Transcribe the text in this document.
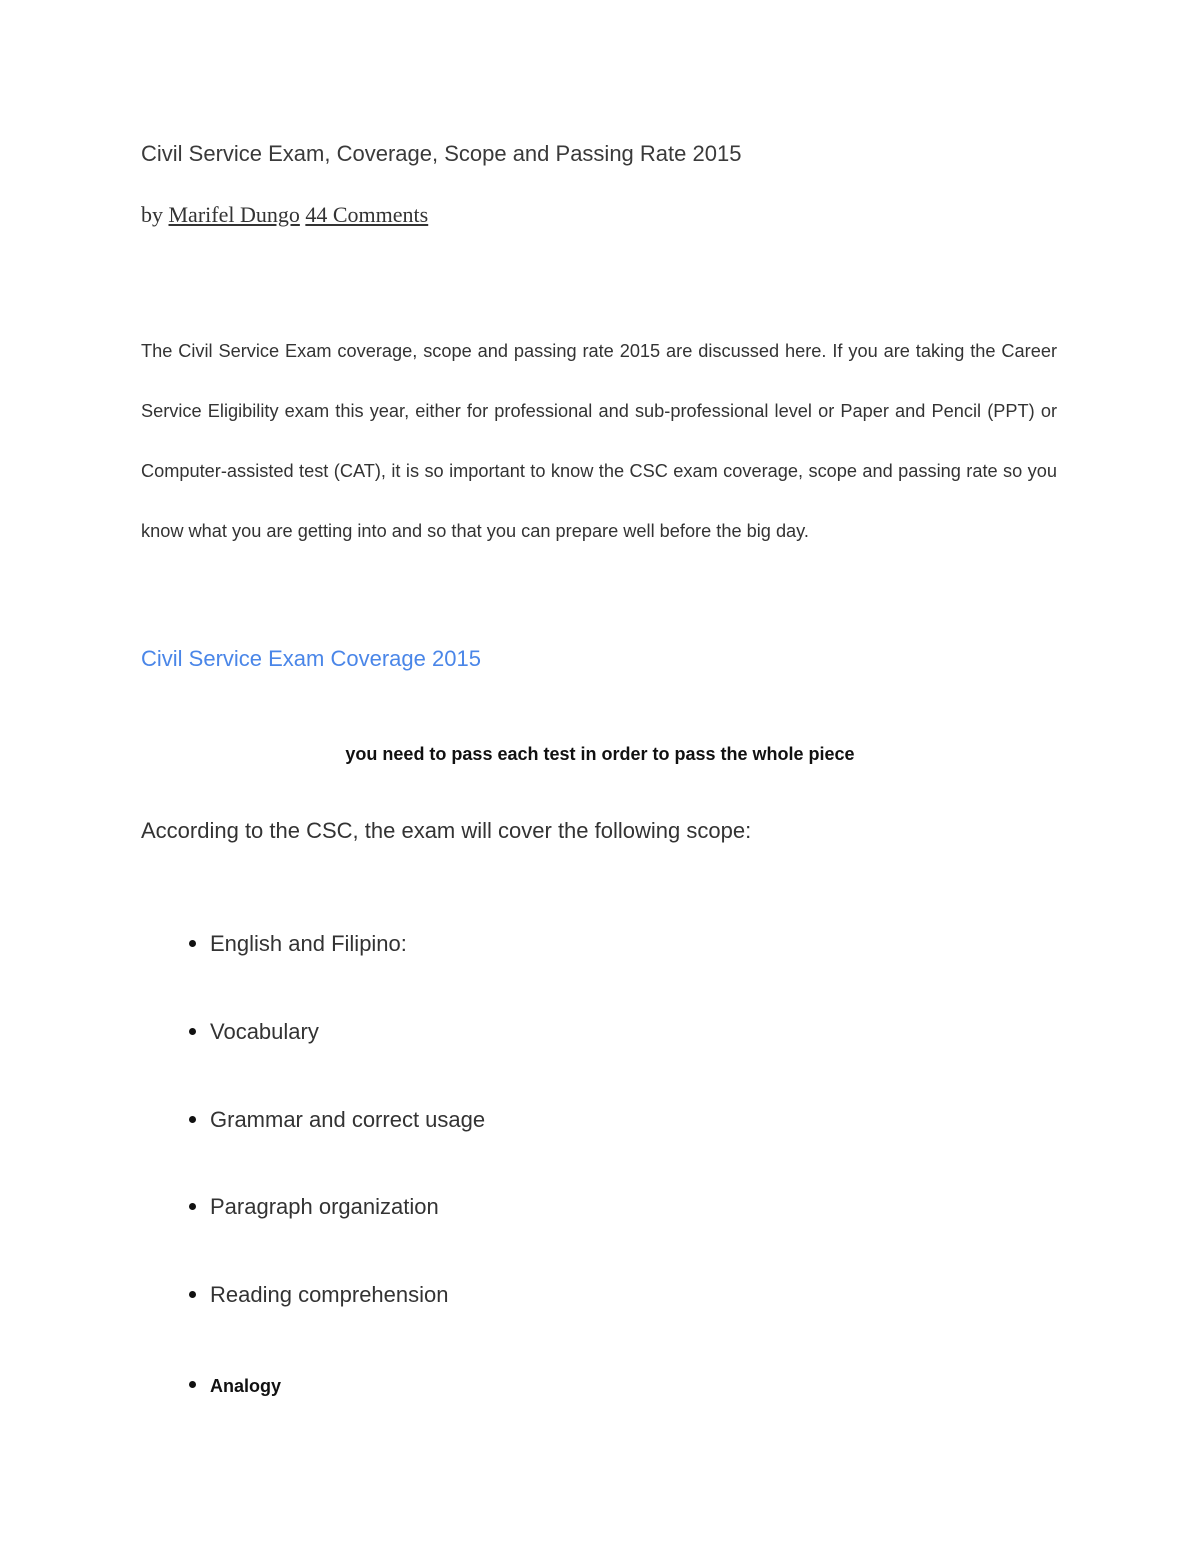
Civil Service Exam, Coverage, Scope and Passing Rate 2015
by Marifel Dungo 44 Comments

The Civil Service Exam coverage, scope and passing rate 2015 are discussed here. If you are taking the Career Service Eligibility exam this year, either for professional and sub-professional level or Paper and Pencil (PPT) or Computer-assisted test (CAT), it is so important to know the CSC exam coverage, scope and passing rate so you know what you are getting into and so that you can prepare well before the big day.

Civil Service Exam Coverage 2015

you need to pass each test in order to pass the whole piece

According to the CSC, the exam will cover the following scope:

English and Filipino:
Vocabulary
Grammar and correct usage
Paragraph organization
Reading comprehension
Analogy
